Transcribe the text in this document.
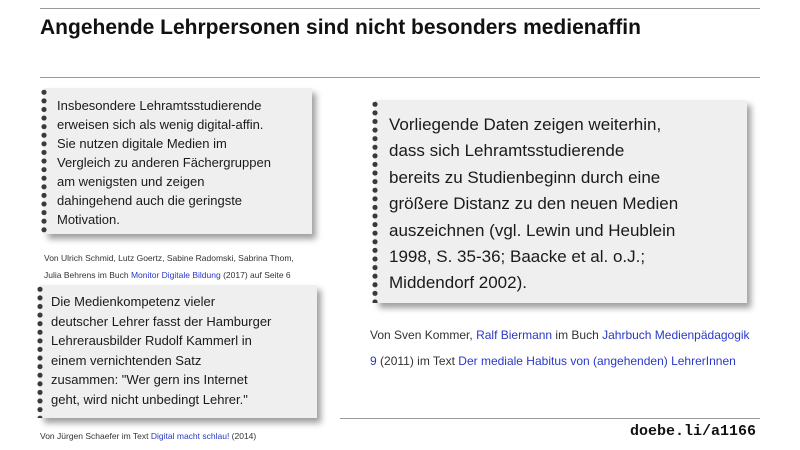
Angehende Lehrpersonen sind nicht besonders medienaffin
Insbesondere Lehramtsstudierende
erweisen sich als wenig digital-affin.
Sie nutzen digitale Medien im
Vergleich zu anderen Fächergruppen
am wenigsten und zeigen
dahingehend auch die geringste
Motivation.
Von Ulrich Schmid, Lutz Goertz, Sabine Radomski, Sabrina Thom,
Julia Behrens im Buch Monitor Digitale Bildung (2017) auf Seite 6
Die Medienkompetenz vieler
deutscher Lehrer fasst der Hamburger
Lehrerausbilder Rudolf Kammerl in
einem vernichtenden Satz
zusammen: "Wer gern ins Internet
geht, wird nicht unbedingt Lehrer."
Von Jürgen Schaefer im Text Digital macht schlau! (2014)
Vorliegende Daten zeigen weiterhin,
dass sich Lehramtsstudierende
bereits zu Studienbeginn durch eine
größere Distanz zu den neuen Medien
auszeichnen (vgl. Lewin und Heublein
1998, S. 35-36; Baacke et al. o.J.;
Middendorf 2002).
Von Sven Kommer, Ralf Biermann im Buch Jahrbuch Medienpädagogik 9 (2011) im Text Der mediale Habitus von (angehenden) LehrerInnen
doebe.li/a1166
